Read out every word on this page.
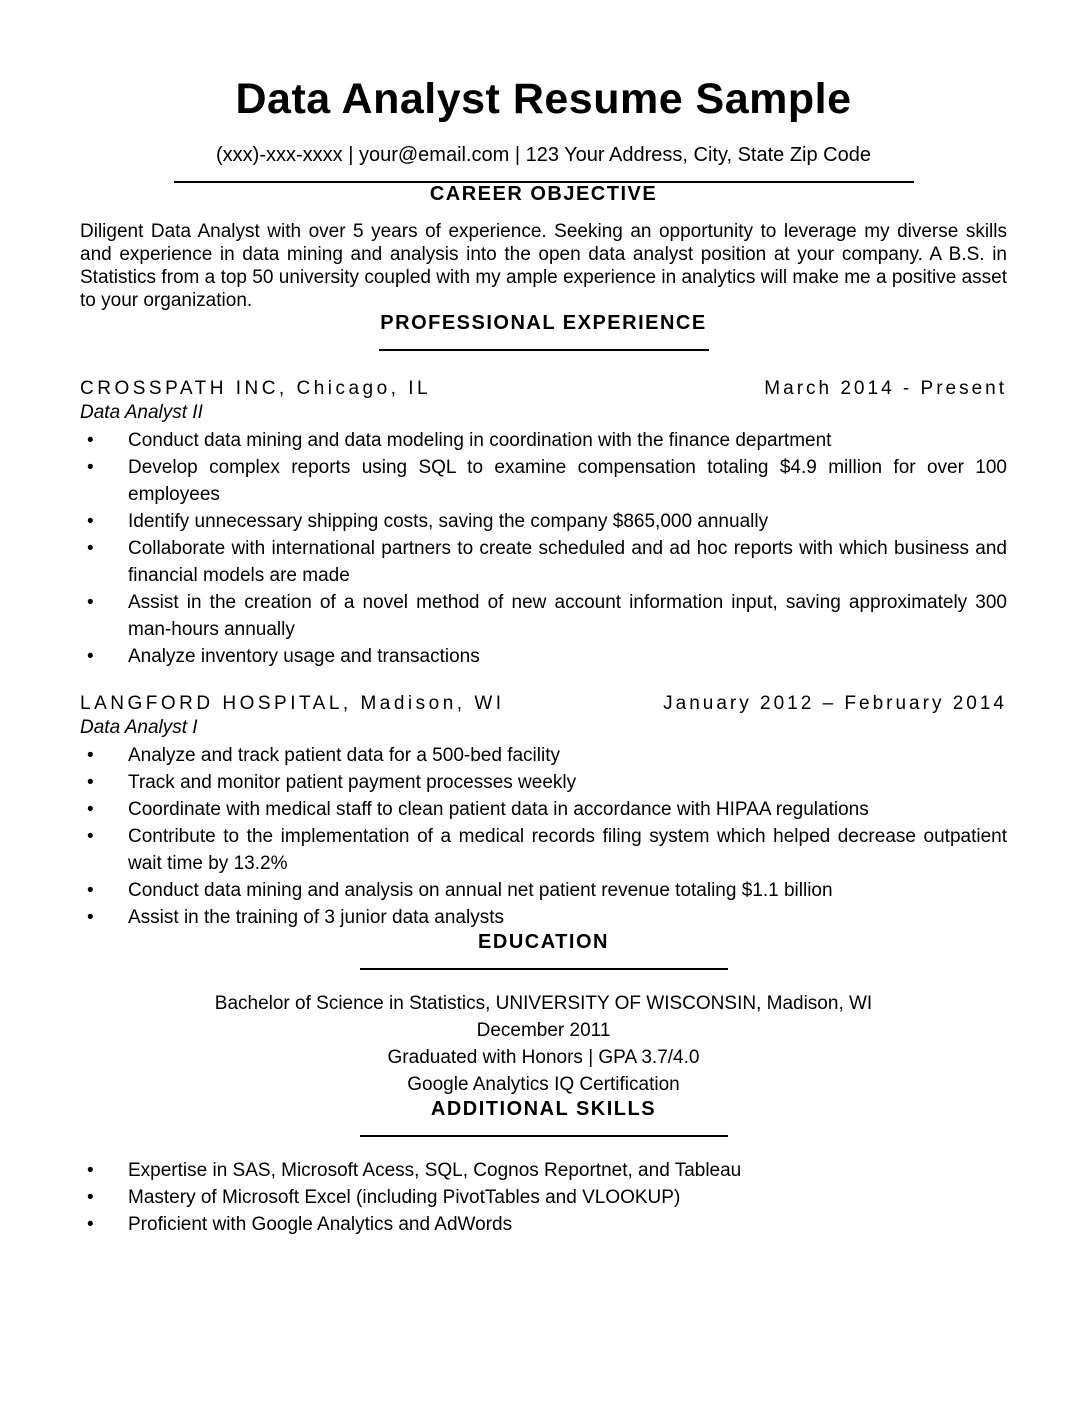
Data Analyst Resume Sample
(xxx)-xxx-xxxx | your@email.com | 123 Your Address, City, State Zip Code
CAREER OBJECTIVE

Diligent Data Analyst with over 5 years of experience. Seeking an opportunity to leverage my diverse skills and experience in data mining and analysis into the open data analyst position at your company. A B.S. in Statistics from a top 50 university coupled with my ample experience in analytics will make me a positive asset to your organization.

PROFESSIONAL EXPERIENCE
CROSSPATH INC, Chicago, IL	March 2014 - Present
Data Analyst II
• Conduct data mining and data modeling in coordination with the finance department
• Develop complex reports using SQL to examine compensation totaling $4.9 million for over 100 employees
• Identify unnecessary shipping costs, saving the company $865,000 annually
• Collaborate with international partners to create scheduled and ad hoc reports with which business and financial models are made
• Assist in the creation of a novel method of new account information input, saving approximately 300 man-hours annually
• Analyze inventory usage and transactions
LANGFORD HOSPITAL, Madison, WI	January 2012 – February 2014
Data Analyst I
• Analyze and track patient data for a 500-bed facility
• Track and monitor patient payment processes weekly
• Coordinate with medical staff to clean patient data in accordance with HIPAA regulations
• Contribute to the implementation of a medical records filing system which helped decrease outpatient wait time by 13.2%
• Conduct data mining and analysis on annual net patient revenue totaling $1.1 billion
• Assist in the training of 3 junior data analysts
EDUCATION
Bachelor of Science in Statistics, UNIVERSITY OF WISCONSIN, Madison, WI
December 2011
Graduated with Honors | GPA 3.7/4.0
Google Analytics IQ Certification
ADDITIONAL SKILLS
• Expertise in SAS, Microsoft Acess, SQL, Cognos Reportnet, and Tableau
• Mastery of Microsoft Excel (including PivotTables and VLOOKUP)
• Proficient with Google Analytics and AdWords
